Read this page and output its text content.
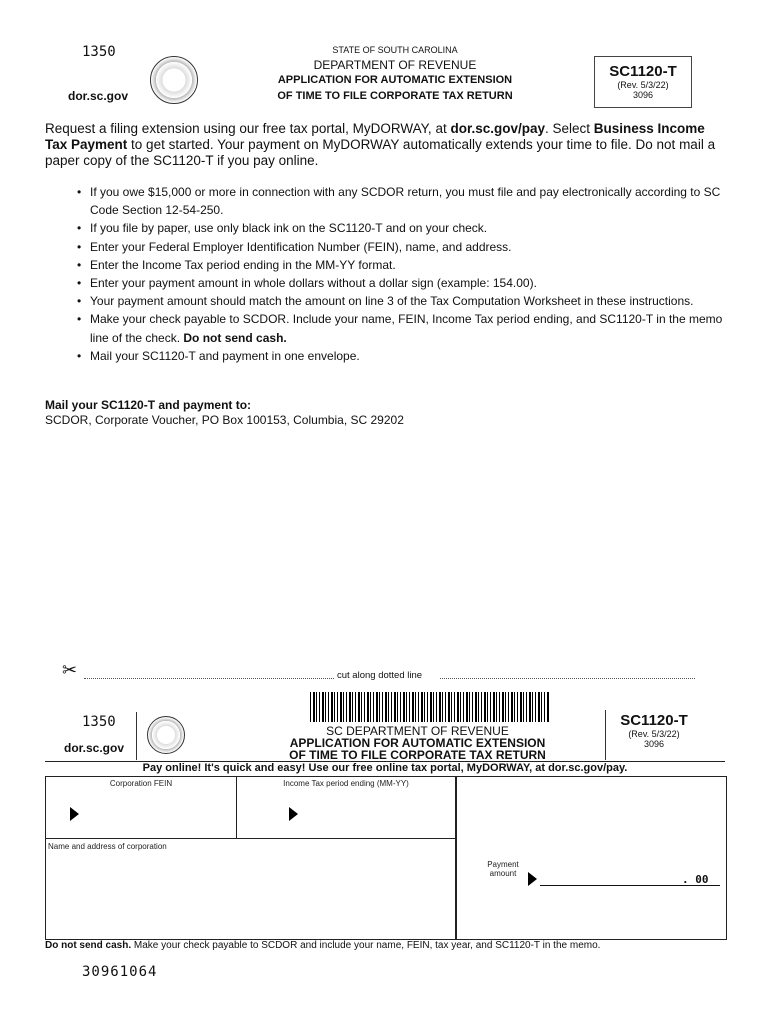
1350
dor.sc.gov
STATE OF SOUTH CAROLINA
DEPARTMENT OF REVENUE
APPLICATION FOR AUTOMATIC EXTENSION
OF TIME TO FILE CORPORATE TAX RETURN
SC1120-T
(Rev. 5/3/22)
3096
Request a filing extension using our free tax portal, MyDORWAY, at dor.sc.gov/pay. Select Business Income Tax Payment to get started. Your payment on MyDORWAY automatically extends your time to file. Do not mail a paper copy of the SC1120-T if you pay online.
• If you owe $15,000 or more in connection with any SCDOR return, you must file and pay electronically according to SC Code Section 12-54-250.
• If you file by paper, use only black ink on the SC1120-T and on your check.
• Enter your Federal Employer Identification Number (FEIN), name, and address.
• Enter the Income Tax period ending in the MM-YY format.
• Enter your payment amount in whole dollars without a dollar sign (example: 154.00).
• Your payment amount should match the amount on line 3 of the Tax Computation Worksheet in these instructions.
• Make your check payable to SCDOR. Include your name, FEIN, Income Tax period ending, and SC1120-T in the memo line of the check. Do not send cash.
• Mail your SC1120-T and payment in one envelope.
Mail your SC1120-T and payment to:
SCDOR, Corporate Voucher, PO Box 100153, Columbia, SC 29202
✂	cut along dotted line
1350
dor.sc.gov
SC DEPARTMENT OF REVENUE
APPLICATION FOR AUTOMATIC EXTENSION
OF TIME TO FILE CORPORATE TAX RETURN
SC1120-T
(Rev. 5/3/22)
3096
Pay online! It's quick and easy! Use our free online tax portal, MyDORWAY, at dor.sc.gov/pay.
Corporation FEIN	Income Tax period ending (MM-YY)
Name and address of corporation
Payment
amount	. 00
Do not send cash. Make your check payable to SCDOR and include your name, FEIN, tax year, and SC1120-T in the memo.
30961064
